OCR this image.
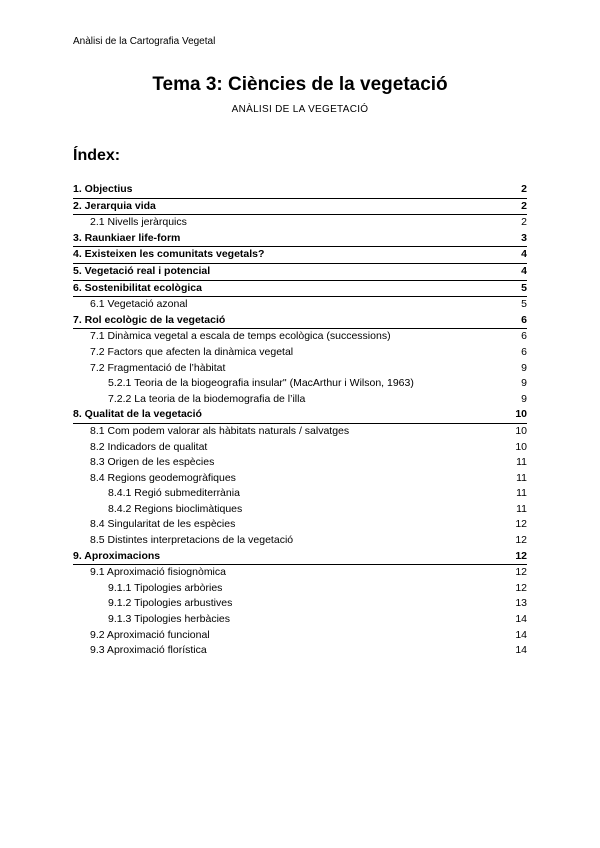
Anàlisi de la Cartografia Vegetal
Tema 3: Ciències de la vegetació
ANÀLISI DE LA VEGETACIÓ
Índex:
1. Objectius	2
2. Jerarquia vida	2
2.1 Nivells jeràrquics	2
3. Raunkiaer life-form	3
4. Existeixen les comunitats vegetals?	4
5. Vegetació real i potencial	4
6. Sostenibilitat ecològica	5
6.1 Vegetació azonal	5
7. Rol ecològic de la vegetació	6
7.1 Dinàmica vegetal a escala de temps ecològica (successions)	6
7.2 Factors que afecten la dinàmica vegetal	6
7.2 Fragmentació de l’hàbitat	9
5.2.1 Teoria de la biogeografia insular" (MacArthur i Wilson, 1963)	9
7.2.2 La teoria de la biodemografia de l’illa	9
8. Qualitat de la vegetació	10
8.1 Com podem valorar als hàbitats naturals / salvatges	10
8.2 Indicadors de qualitat	10
8.3 Origen de les espècies	11
8.4 Regions geodemogràfiques	11
8.4.1 Regió submediterrània	11
8.4.2 Regions bioclimàtiques	11
8.4 Singularitat de les espècies	12
8.5 Distintes interpretacions de la vegetació	12
9. Aproximacions	12
9.1 Aproximació fisiognòmica	12
9.1.1 Tipologies arbòries	12
9.1.2 Tipologies arbustives	13
9.1.3 Tipologies herbàcies	14
9.2 Aproximació funcional	14
9.3 Aproximació florística	14
